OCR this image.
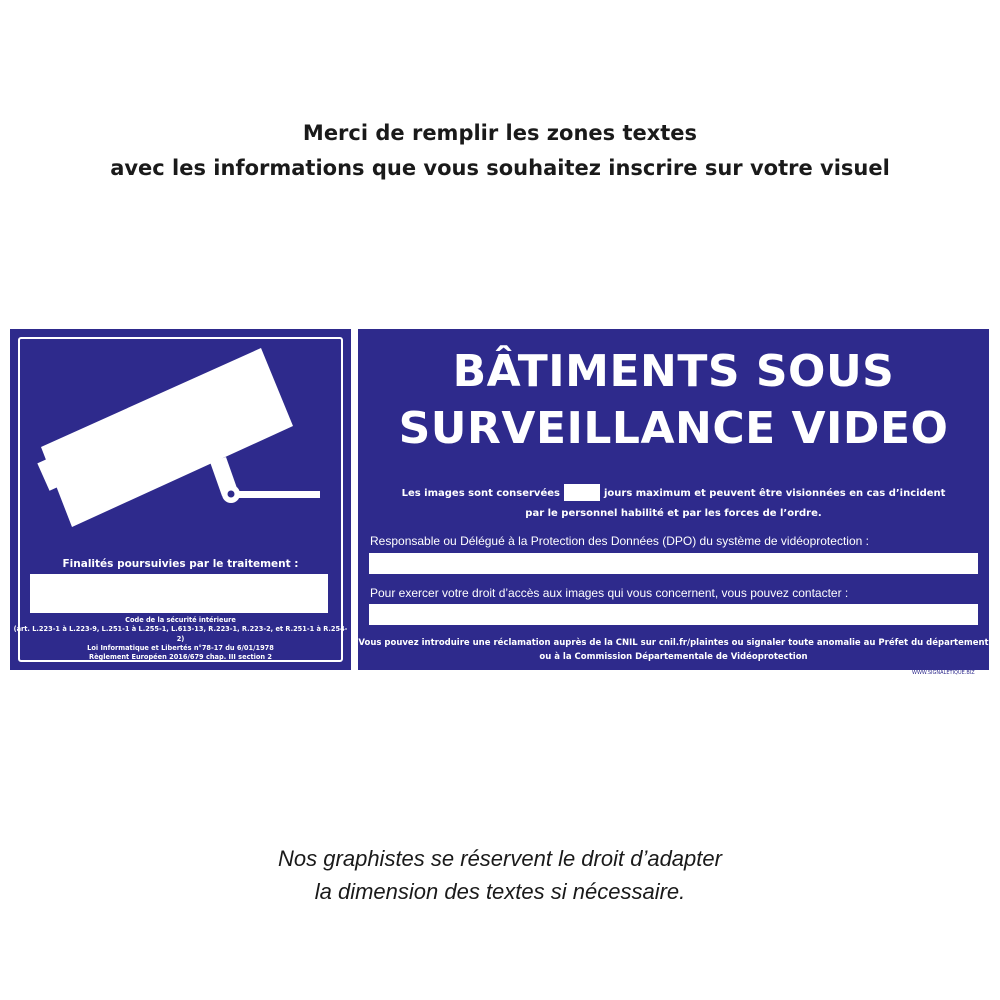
Merci de remplir les zones textes
avec les informations que vous souhaitez inscrire sur votre visuel
Finalités poursuivies par le traitement :
Code de la sécurité intérieure
(art. L.223-1 à L.223-9, L.251-1 à L.255-1, L.613-13, R.223-1, R.223-2, et R.251-1 à R.254-2)
Loi Informatique et Libertés n°78-17 du 6/01/1978
Règlement Européen 2016/679 chap. III section 2
BÂTIMENTS SOUS
SURVEILLANCE VIDEO
Les images sont conservées	jours maximum et peuvent être visionnées en cas d’incident
par le personnel habilité et par les forces de l’ordre.
Responsable ou Délégué à la Protection des Données (DPO) du système de vidéoprotection :
Pour exercer votre droit d’accès aux images qui vous concernent, vous pouvez contacter :
Vous pouvez introduire une réclamation auprès de la CNIL sur cnil.fr/plaintes ou signaler toute anomalie au Préfet du département
ou à la Commission Départementale de Vidéoprotection
WWW.SIGNALETIQUE.BIZ
Nos graphistes se réservent le droit d’adapter
la dimension des textes si nécessaire.
